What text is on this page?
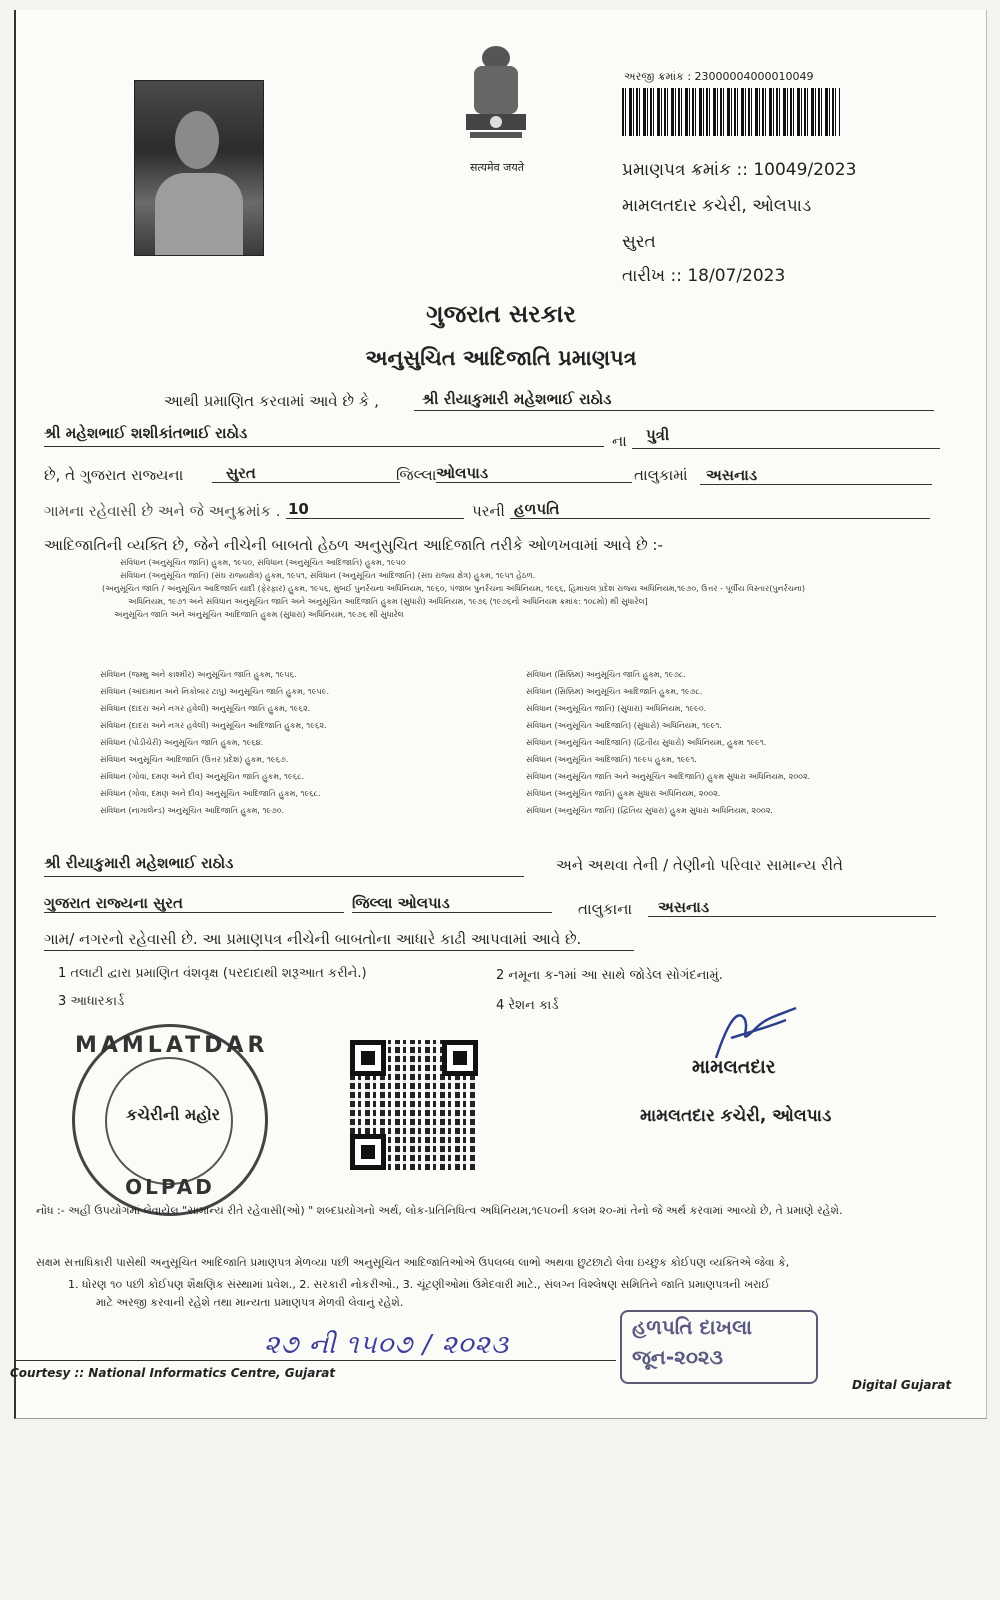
सत्यमेव जयते
અરજી ક્રમાંક : 23000004000010049
પ્રમાણપત્ર ક્રમાંક :: 10049/2023
મામલતદાર કચેરી, ઓલપાડ
સુરત
તારીખ :: 18/07/2023
ગુજરાત સરકાર
અનુસુચિત આદિજાતિ પ્રમાણપત્ર
આથી પ્રમાણિત કરવામાં આવે છે કે ,	શ્રી રીયાકુમારી મહેશભાઈ રાઠોડ
શ્રી મહેશભાઈ શશીકાંતભાઈ રાઠોડ	ના	પુત્રી
છે, તે ગુજરાત રાજ્યના	સુરત	જિલ્લા ઓલપાડ	તાલુકામાં	અસનાડ
ગામના રહેવાસી છે અને જે અનુક્રમાંક . 10	પરની હળપતિ
આદિજાતિની વ્યક્તિ છે, જેને નીચેની બાબતો હેઠળ અનુસુચિત આદિજાતિ તરીકે ઓળખવામાં આવે છે :-
સંવિધાન (અનુસૂચિત જાતિ) હુકમ, ૧૯૫૦, સંવિધાન (અનુસૂચિત આદિજાતિ) હુકમ, ૧૯૫૦
સંવિધાન (અનુસૂચિત જાતિ) (સંઘ રાજ્યક્ષેત્ર) હુકમ, ૧૯૫૧, સંવિધાન (અનુસૂચિત આદિજાતિ) (સંઘ રાજ્ય ક્ષેત્ર) હુકમ, ૧૯૫૧ હેઠળ.
(અનુસૂચિત જાતિ / અનુસૂચિત આદિજાતિ યાદી (ફેરફાર) હુકમ, ૧૯૫૬, મુંબઈ પુનર્રચના અધિનિયમ, ૧૯૬૦, પંજાબ પુનર્રચના અધિનિયમ, ૧૯૬૬, હિમાચલ પ્રદેશ રાજ્ય અધિનિયમ,૧૯૭૦, ઉત્તર - પૂર્વીય વિસ્તાર(પુનર્રચના)
અધિનિયમ, ૧૯૭૧ અને સંવિધાન અનુસૂચિત જાતિ અને અનુસૂચિત આદિજાતિ હુકમ (સુધારો) અધિનિયમ, ૧૯૭૬ (૧૯૭૬નો અધિનિયમ ક્રમાંક: ૧૦૮મો) થી સુધારેલ]
અનુસૂચિત જાતિ અને અનુસૂચિત આદિજાતિ હુકમ (સુધારા) અધિનિયમ, ૧૯૭૬ થી સુધારેલ
સંવિધાન (જમ્મુ અને કાશ્મીર) અનુસૂચિત જાતિ હુકમ, ૧૯૫૬.
સંવિધાન (આંદામાન અને નિકોબાર ટાપુ) અનુસૂચિત જાતિ હુકમ, ૧૯૫૯.
સંવિધાન (દાદરા અને નગર હવેલી) અનુસૂચિત જાતિ હુકમ, ૧૯૬૨.
સંવિધાન (દાદરા અને નગર હવેલી) અનુસૂચિત આદિજાતિ હુકમ, ૧૯૬૨.
સંવિધાન (પોંડીચેરી) અનુસૂચિત જાતિ હુકમ, ૧૯૬૪.
સંવિધાન અનુસૂચિત આદિજાતિ (ઉત્તર પ્રદેશ) હુકમ, ૧૯૬૭.
સંવિધાન (ગોવા, દમણ અને દીવ) અનુસૂચિત જાતિ હુકમ, ૧૯૬૮.
સંવિધાન (ગોવા, દમણ અને દીવ) અનુસૂચિત આદિજાતિ હુકમ, ૧૯૬૮.
સંવિધાન (નાગાલેન્ડ) અનુસૂચિત આદિજાતિ હુકમ, ૧૯૭૦.
સંવિધાન (સિક્કિમ) અનુસૂચિત જાતિ હુકમ, ૧૯૭૮.
સંવિધાન (સિક્કિમ) અનુસૂચિત આદિજાતિ હુકમ, ૧૯૭૮.
સંવિધાન (અનુસૂચિત જાતિ) (સુધારા) અધિનિયમ, ૧૯૯૦.
સંવિધાન (અનુસૂચિત આદિજાતિ) (સુધારો) અધિનિયમ, ૧૯૯૧.
સંવિધાન (અનુસૂચિત આદિજાતિ) (દ્વિતીય સુધારો) અધિનિયમ, હુકમ ૧૯૯૧.
સંવિધાન (અનુસૂચિત આદિજાતિ) ૧૯૯૫ હુકમ, ૧૯૯૧.
સંવિધાન (અનુસૂચિત જાતિ અને અનુસૂચિત આદિજાતિ) હુકમ સુધારા અધિનિયમ, ૨૦૦૨.
સંવિધાન (અનુસૂચિત જાતિ) હુકમ સુધારા અધિનિયમ, ૨૦૦૨.
સંવિધાન (અનુસૂચિત જાતિ) (દ્વિતિય સુધારા) હુકમ સુધારા અધિનિયમ, ૨૦૦૨.
શ્રી રીયાકુમારી મહેશભાઈ રાઠોડ	અને અથવા તેની / તેણીનો પરિવાર સામાન્ય રીતે
ગુજરાત રાજ્યના સુરત	જિલ્લા ઓલપાડ	તાલુકાના	અસનાડ
ગામ/ નગરનો રહેવાસી છે. આ પ્રમાણપત્ર નીચેની બાબતોના આધારે કાઢી આપવામાં આવે છે.
1 તલાટી દ્વારા પ્રમાણિત વંશવૃક્ષ (પરદાદાથી શરૂઆત કરીને.)	2 નમૂના ક-૧માં આ સાથે જોડેલ સોગંદનામું.
3 આધારકાર્ડ	4 રેશન કાર્ડ
MAMLATDAR
કચેરીની મહોર
OLPAD
મામલતદાર
મામલતદાર કચેરી, ઓલપાડ
નોંધ :- અહીં ઉપયોગમાં લેવાયેલ "સામાન્ય રીતે રહેવાસી(ઓ) " શબ્દપ્રયોગનો અર્થ, લોક-પ્રતિનિધિત્વ અધિનિયમ,૧૯૫૦ની કલમ ૨૦-માં તેનો જે અર્થ કરવામાં આવ્યો છે, તે પ્રમાણે રહેશે.
સક્ષમ સત્તાધિકારી પાસેથી અનુસૂચિત આદિજાતિ પ્રમાણપત્ર મેળવ્યા પછી અનુસૂચિત આદિજાતિઓએ ઉપલબ્ધ લાભો અથવા છુટછાટો લેવા ઇચ્છુક કોઈપણ વ્યક્તિએ જેવા કે,
1. ધોરણ ૧૦ પછી કોઈપણ શૈક્ષણિક સંસ્થામાં પ્રવેશ., 2. સરકારી નોકરીઓ., 3. ચૂંટણીઓમાં ઉમેદવારી માટે., સંલગ્ન વિશ્લેષણ સમિતિને જાતિ પ્રમાણપત્રની ખરાઈ
માટે અરજી કરવાની રહેશે તથા માન્યતા પ્રમાણપત્ર મેળવી લેવાનું રહેશે.
૨૭ ની ૧૫૦૭ / ૨૦૨૩
હળપતિ દાખલા
જૂન-૨૦૨૩
Courtesy :: National Informatics Centre, Gujarat
Digital Gujarat
